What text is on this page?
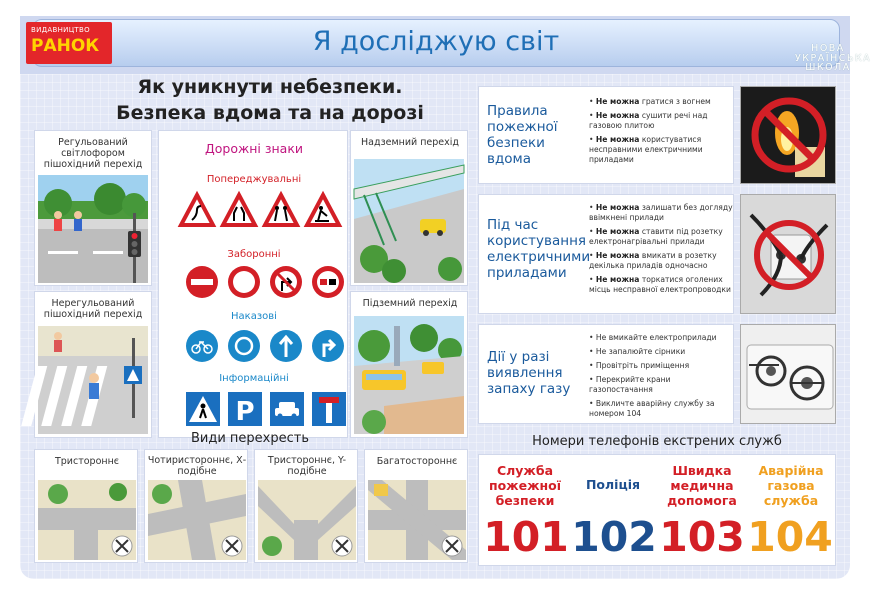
Я досліджую світ	НОВА
УКРАЇНСЬКА
ШКОЛА
Як уникнути небезпеки.
Безпека вдома та на дорозі
Регульований світлофором пішохідний перехід
Нерегульований пішохідний перехід
Дорожні знаки
Попереджувальні
Заборонні
Наказові
Інформаційні
P
Надземний перехід
Підземний перехід
Види перехресть
Тристороннє	Чотиристороннє, Х-подібне
Тристороннє, Y-подібне
Багатостороннє
Правила пожежної безпеки вдома

• Не можна гратися з вогнем

• Не можна сушити речі над газовою плитою

• Не можна користуватися несправними електричними приладами

Під час користування електричними приладами

• Не можна залишати без догляду ввімкнені прилади

• Не можна ставити під розетку електронагрівальні прилади

• Не можна вмикати в розетку декілька приладів одночасно

• Не можна торкатися оголених місць несправної електропроводки

Дії у разі виявлення запаху газу

• Не вмикайте електроприлади

• Не запалюйте сірники

• Провітріть приміщення

• Перекрийте крани газопостачання

• Викличте аварійну службу за номером 104

Номери телефонів екстрених служб
Служба пожежної безпеки
Поліція
Швидка медична допомога
Аварійна газова служба
101 102 103 104
ВИДАВНИЦТВО
РАНОК
